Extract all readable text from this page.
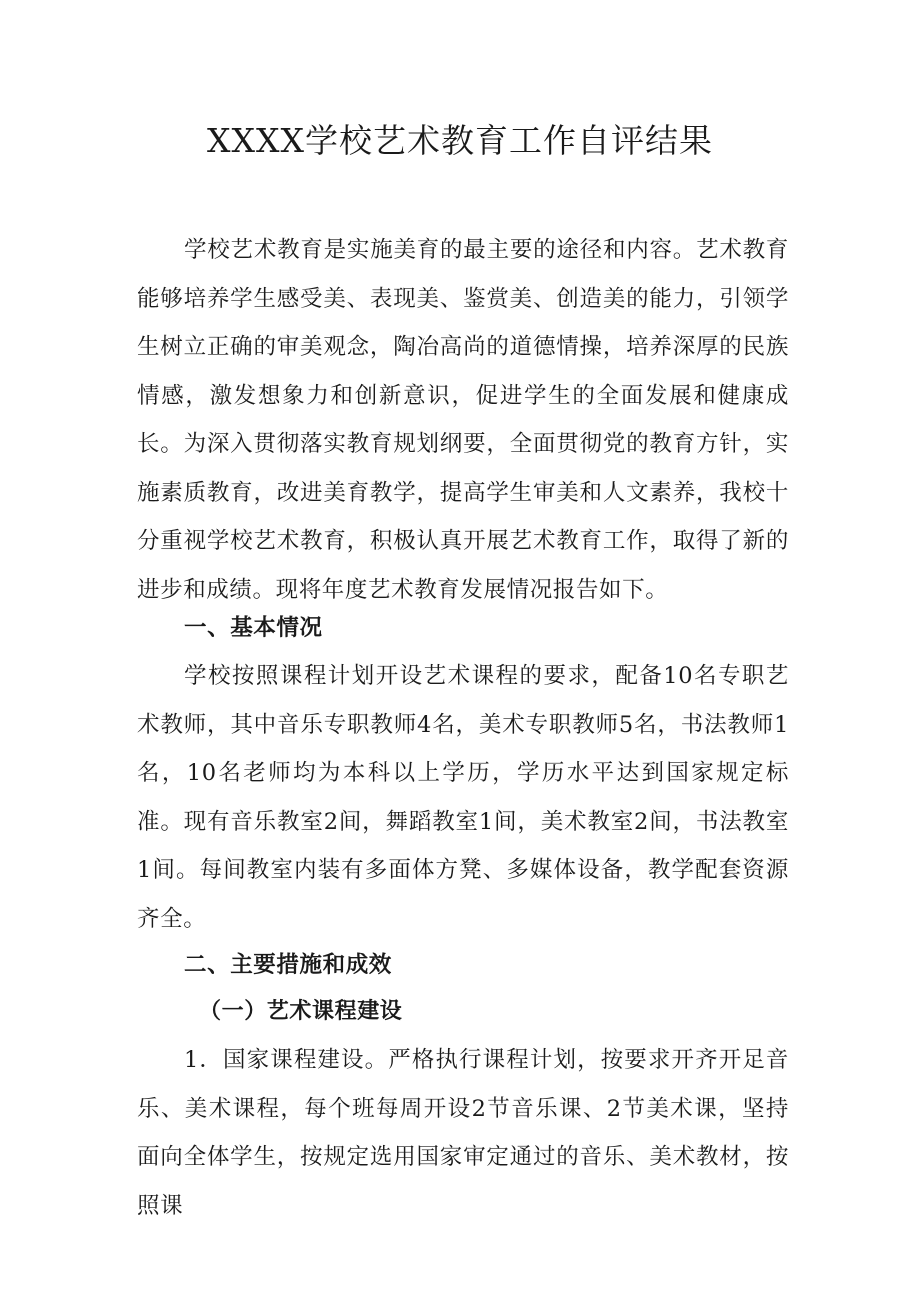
XXXX学校艺术教育工作自评结果

学校艺术教育是实施美育的最主要的途径和内容。艺术教育能够培养学生感受美、表现美、鉴赏美、创造美的能力，引领学生树立正确的审美观念，陶冶高尚的道德情操，培养深厚的民族情感，激发想象力和创新意识，促进学生的全面发展和健康成长。为深入贯彻落实教育规划纲要，全面贯彻党的教育方针，实施素质教育，改进美育教学，提高学生审美和人文素养，我校十分重视学校艺术教育，积极认真开展艺术教育工作，取得了新的进步和成绩。现将年度艺术教育发展情况报告如下。

一、基本情况

学校按照课程计划开设艺术课程的要求，配备10名专职艺术教师，其中音乐专职教师4名，美术专职教师5名，书法教师1名，10名老师均为本科以上学历，学历水平达到国家规定标准。现有音乐教室2间，舞蹈教室1间，美术教室2间，书法教室1间。每间教室内装有多面体方凳、多媒体设备，教学配套资源齐全。

二、主要措施和成效
（一）艺术课程建设

1．国家课程建设。严格执行课程计划，按要求开齐开足音乐、美术课程，每个班每周开设2节音乐课、2节美术课，坚持面向全体学生，按规定选用国家审定通过的音乐、美术教材，按照课
